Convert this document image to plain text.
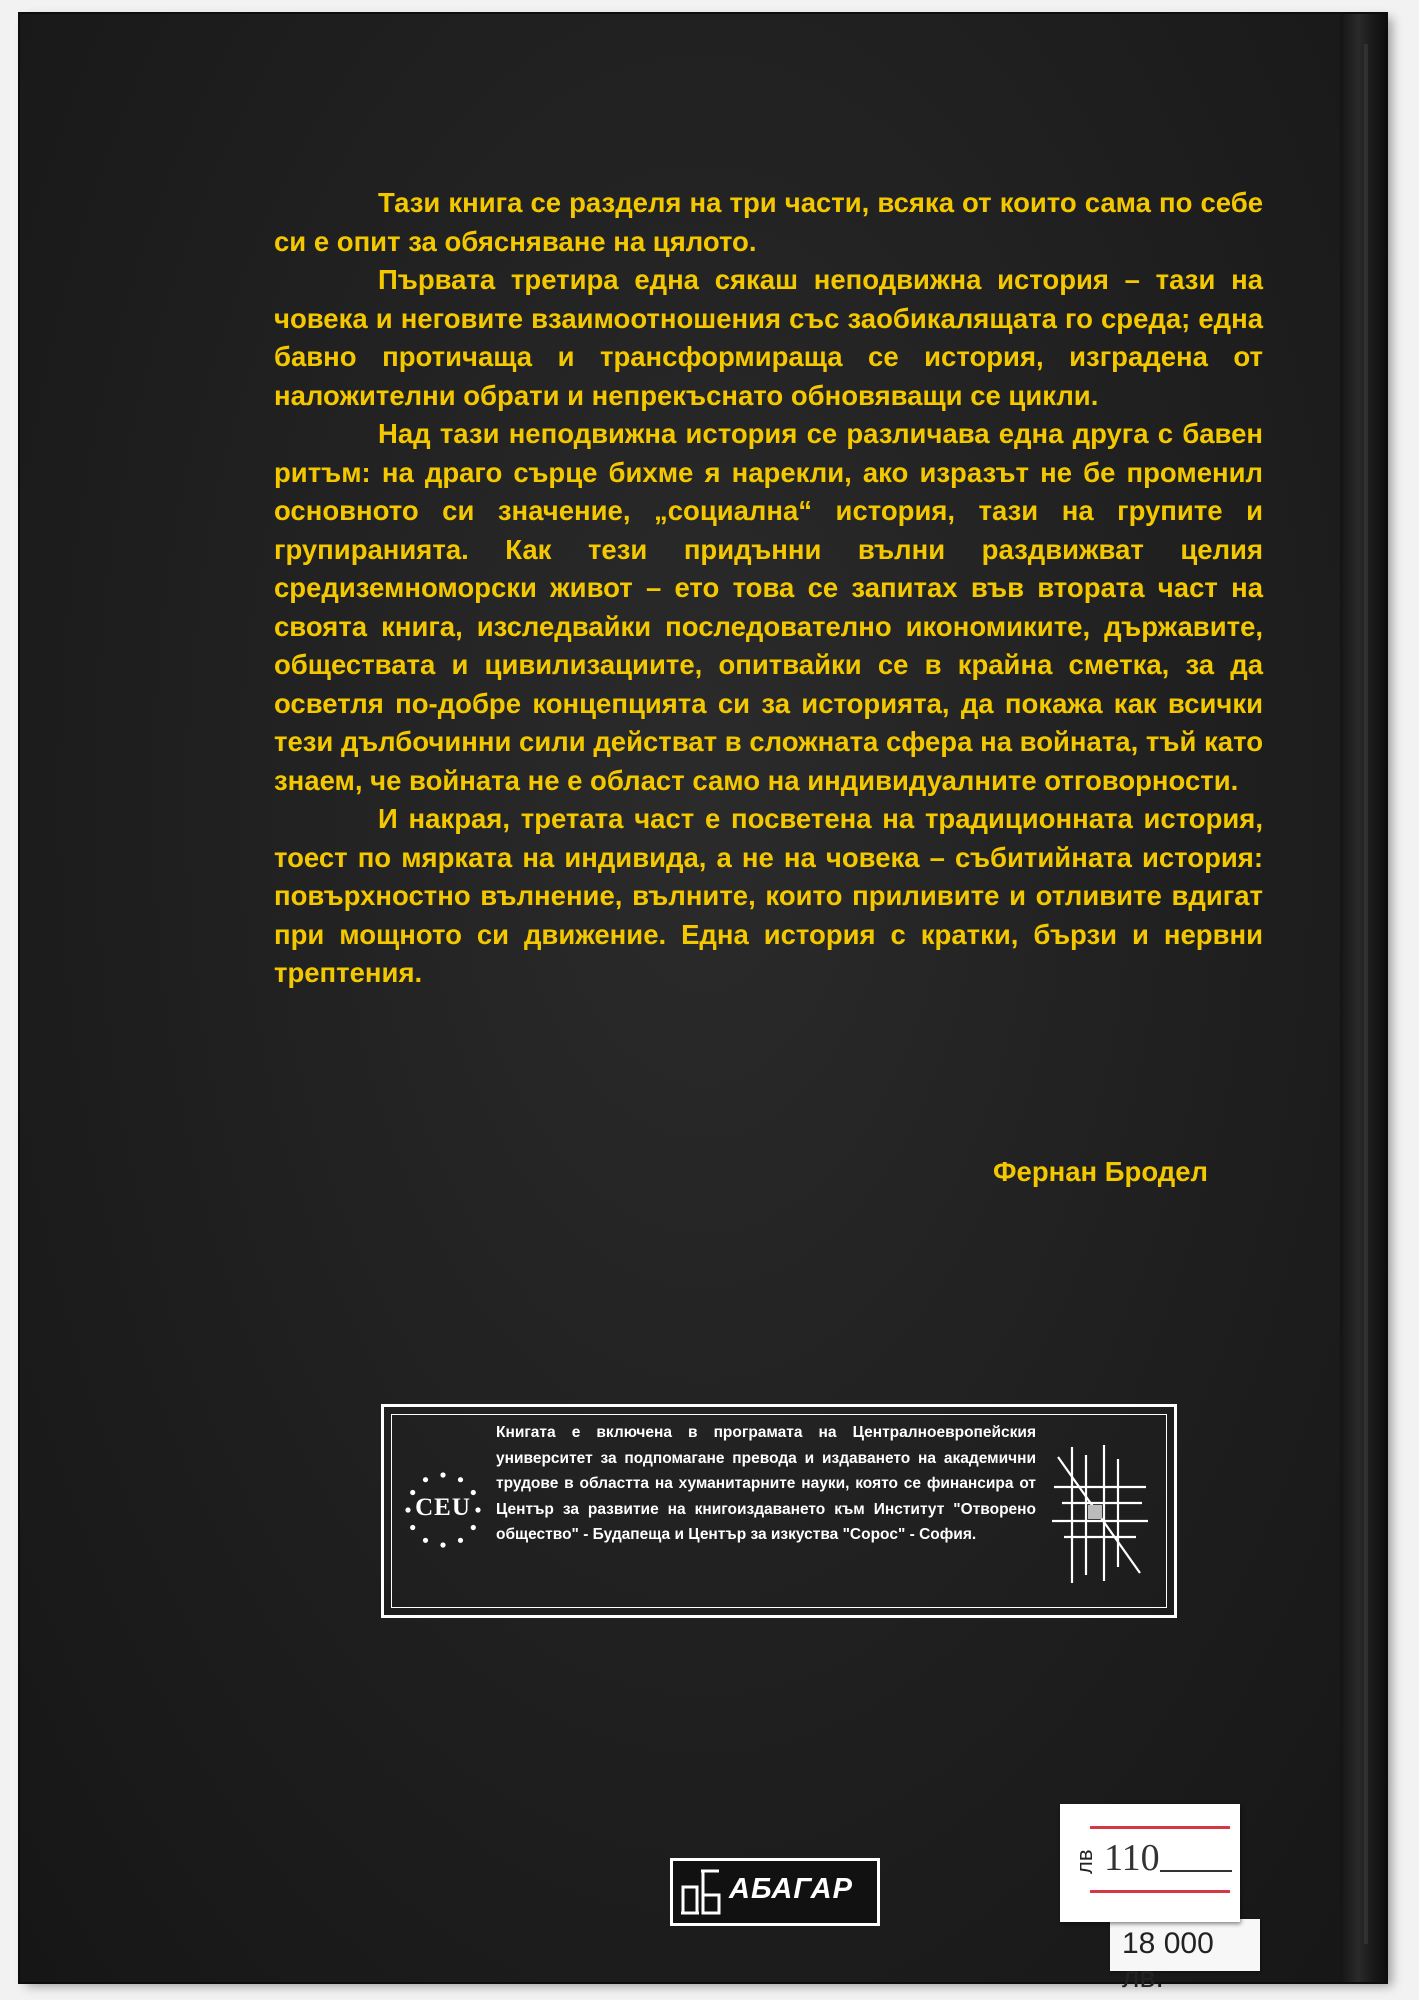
Тази книга се разделя на три части, всяка от които сама по себе си е опит за обясняване на цялото.

Първата третира една сякаш неподвижна история – тази на човека и неговите взаимоотношения със заобикалящата го среда; една бавно протичаща и трансформираща се история, изградена от наложителни обрати и непрекъснато обновяващи се цикли.

Над тази неподвижна история се различава една друга с бавен ритъм: на драго сърце бихме я нарекли, ако изразът не бе променил основното си значение, „социална“ история, тази на групите и групиранията. Как тези придънни вълни раздвижват целия средиземноморски живот – ето това се запитах във втората част на своята книга, изследвайки последователно икономиките, държавите, обществата и цивилизациите, опитвайки се в крайна сметка, за да осветля по-добре концепцията си за историята, да покажа как всички тези дълбочинни сили действат в сложната сфера на войната, тъй като знаем, че войната не е област само на индивидуалните отговорности.

И накрая, третата част е посветена на традиционната история, тоест по мярката на индивида, а не на човека – събитийната история: повърхностно вълнение, вълните, които приливите и отливите вдигат при мощното си движение. Една история с кратки, бързи и нервни трептения.

Фернан Бродел
CEU
Книгата е включена в програмата на Централноевропейския университет за подпомагане превода и издаването на академични трудове в областта на хуманитарните науки, която се финансира от Център за развитие на книгоиздаването към Институт "Отворено общество" - Будапеща и Център за изкуства "Сорос" - София.
АБАГАР
18 000 лв.
лв 110
